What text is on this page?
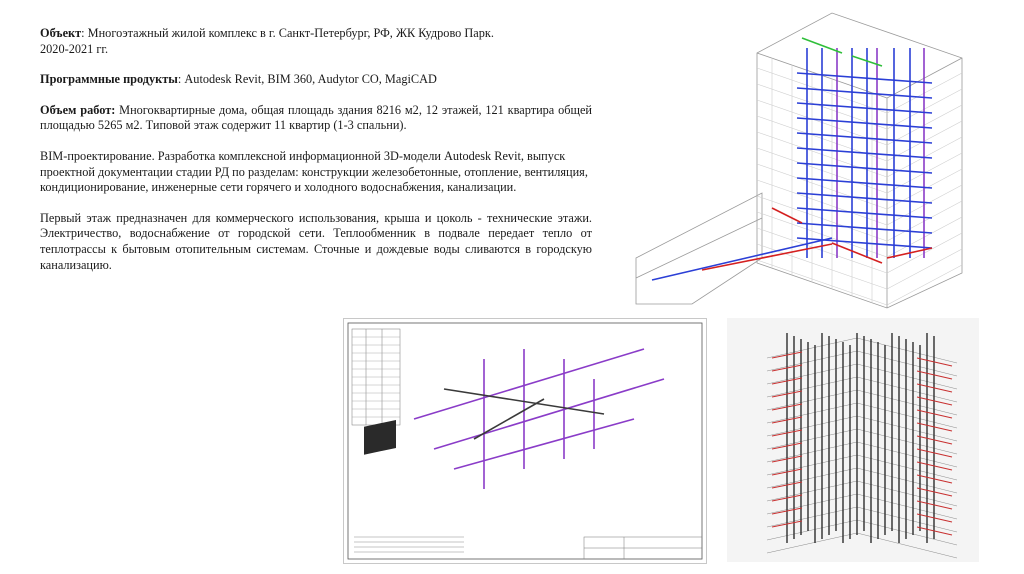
Объект: Многоэтажный жилой комплекс в г. Санкт-Петербург, РФ, ЖК Кудрово Парк.

2020-2021 гг.

Программные продукты: Autodesk Revit, BIM 360, Audytor CO, MagiCAD

Объем работ: Многоквартирные дома, общая площадь здания 8216 м2, 12 этажей, 121 квартира общей площадью 5265 м2. Типовой этаж содержит 11 квартир (1-3 спальни).

BIM-проектирование. Разработка комплексной информационной 3D-модели Autodesk Revit, выпуск проектной документации стадии РД по разделам: конструкции железобетонные, отопление, вентиляция, кондиционирование, инженерные сети горячего и холодного водоснабжения, канализации.

Первый этаж предназначен для коммерческого использования, крыша и цоколь - технические этажи. Электричество, водоснабжение от городской сети. Теплообменник в подвале передает тепло от теплотрассы к бытовым отопительным системам. Сточные и дождевые воды сливаются в городскую канализацию.
